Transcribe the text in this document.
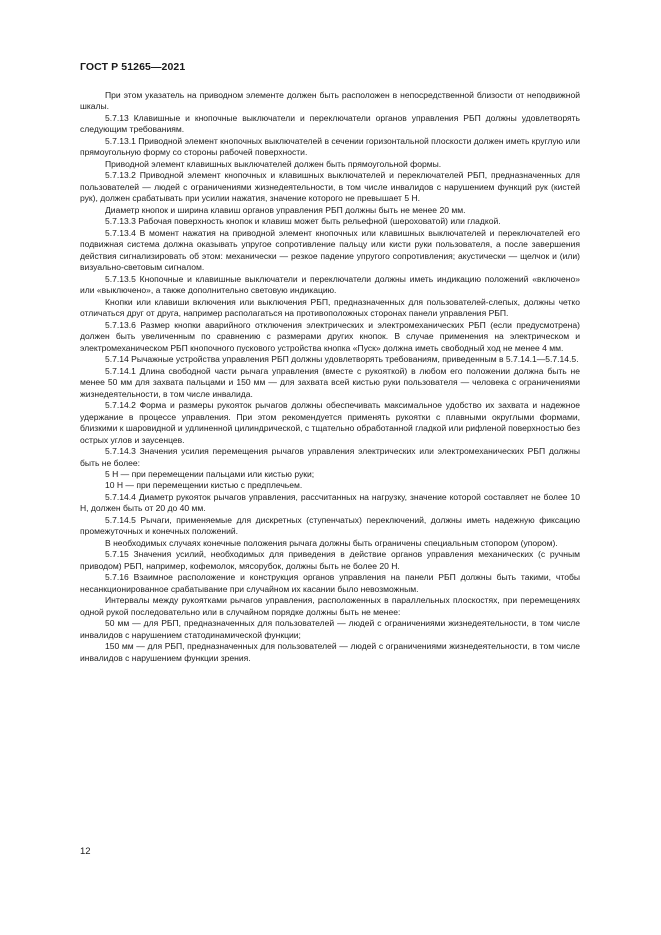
ГОСТ Р 51265—2021

При этом указатель на приводном элементе должен быть расположен в непосредственной близости от неподвижной шкалы.

5.7.13 Клавишные и кнопочные выключатели и переключатели органов управления РБП должны удовлетворять следующим требованиям.

5.7.13.1 Приводной элемент кнопочных выключателей в сечении горизонтальной плоскости должен иметь круглую или прямоугольную форму со стороны рабочей поверхности.

Приводной элемент клавишных выключателей должен быть прямоугольной формы.

5.7.13.2 Приводной элемент кнопочных и клавишных выключателей и переключателей РБП, предназначенных для пользователей — людей с ограничениями жизнедеятельности, в том числе инвалидов с нарушением функций рук (кистей рук), должен срабатывать при усилии нажатия, значение которого не превышает 5 Н.

Диаметр кнопок и ширина клавиш органов управления РБП должны быть не менее 20 мм.

5.7.13.3 Рабочая поверхность кнопок и клавиш может быть рельефной (шероховатой) или гладкой.

5.7.13.4 В момент нажатия на приводной элемент кнопочных или клавишных выключателей и переключателей его подвижная система должна оказывать упругое сопротивление пальцу или кисти руки пользователя, а после завершения действия сигнализировать об этом: механически — резкое падение упругого сопротивления; акустически — щелчок и (или) визуально-световым сигналом.

5.7.13.5 Кнопочные и клавишные выключатели и переключатели должны иметь индикацию положений «включено» или «выключено», а также дополнительно световую индикацию.

Кнопки или клавиши включения или выключения РБП, предназначенных для пользователей-слепых, должны четко отличаться друг от друга, например располагаться на противоположных сторонах панели управления РБП.

5.7.13.6 Размер кнопки аварийного отключения электрических и электромеханических РБП (если предусмотрена) должен быть увеличенным по сравнению с размерами других кнопок. В случае применения на электрическом и электромеханическом РБП кнопочного пускового устройства кнопка «Пуск» должна иметь свободный ход не менее 4 мм.

5.7.14 Рычажные устройства управления РБП должны удовлетворять требованиям, приведенным в 5.7.14.1—5.7.14.5.

5.7.14.1 Длина свободной части рычага управления (вместе с рукояткой) в любом его положении должна быть не менее 50 мм для захвата пальцами и 150 мм — для захвата всей кистью руки пользователя — человека с ограничениями жизнедеятельности, в том числе инвалида.

5.7.14.2 Форма и размеры рукояток рычагов должны обеспечивать максимальное удобство их захвата и надежное удержание в процессе управления. При этом рекомендуется применять рукоятки с плавными округлыми формами, близкими к шаровидной и удлиненной цилиндрической, с тщательно обработанной гладкой или рифленой поверхностью без острых углов и заусенцев.

5.7.14.3 Значения усилия перемещения рычагов управления электрических или электромеханических РБП должны быть не более:

5 Н — при перемещении пальцами или кистью руки;

10 Н — при перемещении кистью с предплечьем.

5.7.14.4 Диаметр рукояток рычагов управления, рассчитанных на нагрузку, значение которой составляет не более 10 Н, должен быть от 20 до 40 мм.

5.7.14.5 Рычаги, применяемые для дискретных (ступенчатых) переключений, должны иметь надежную фиксацию промежуточных и конечных положений.

В необходимых случаях конечные положения рычага должны быть ограничены специальным стопором (упором).

5.7.15 Значения усилий, необходимых для приведения в действие органов управления механических (с ручным приводом) РБП, например, кофемолок, мясорубок, должны быть не более 20 Н.

5.7.16 Взаимное расположение и конструкция органов управления на панели РБП должны быть такими, чтобы несанкционированное срабатывание при случайном их касании было невозможным.

Интервалы между рукоятками рычагов управления, расположенных в параллельных плоскостях, при перемещениях одной рукой последовательно или в случайном порядке должны быть не менее:

50 мм — для РБП, предназначенных для пользователей — людей с ограничениями жизнедеятельности, в том числе инвалидов с нарушением статодинамической функции;

150 мм — для РБП, предназначенных для пользователей — людей с ограничениями жизнедеятельности, в том числе инвалидов с нарушением функции зрения.

12
